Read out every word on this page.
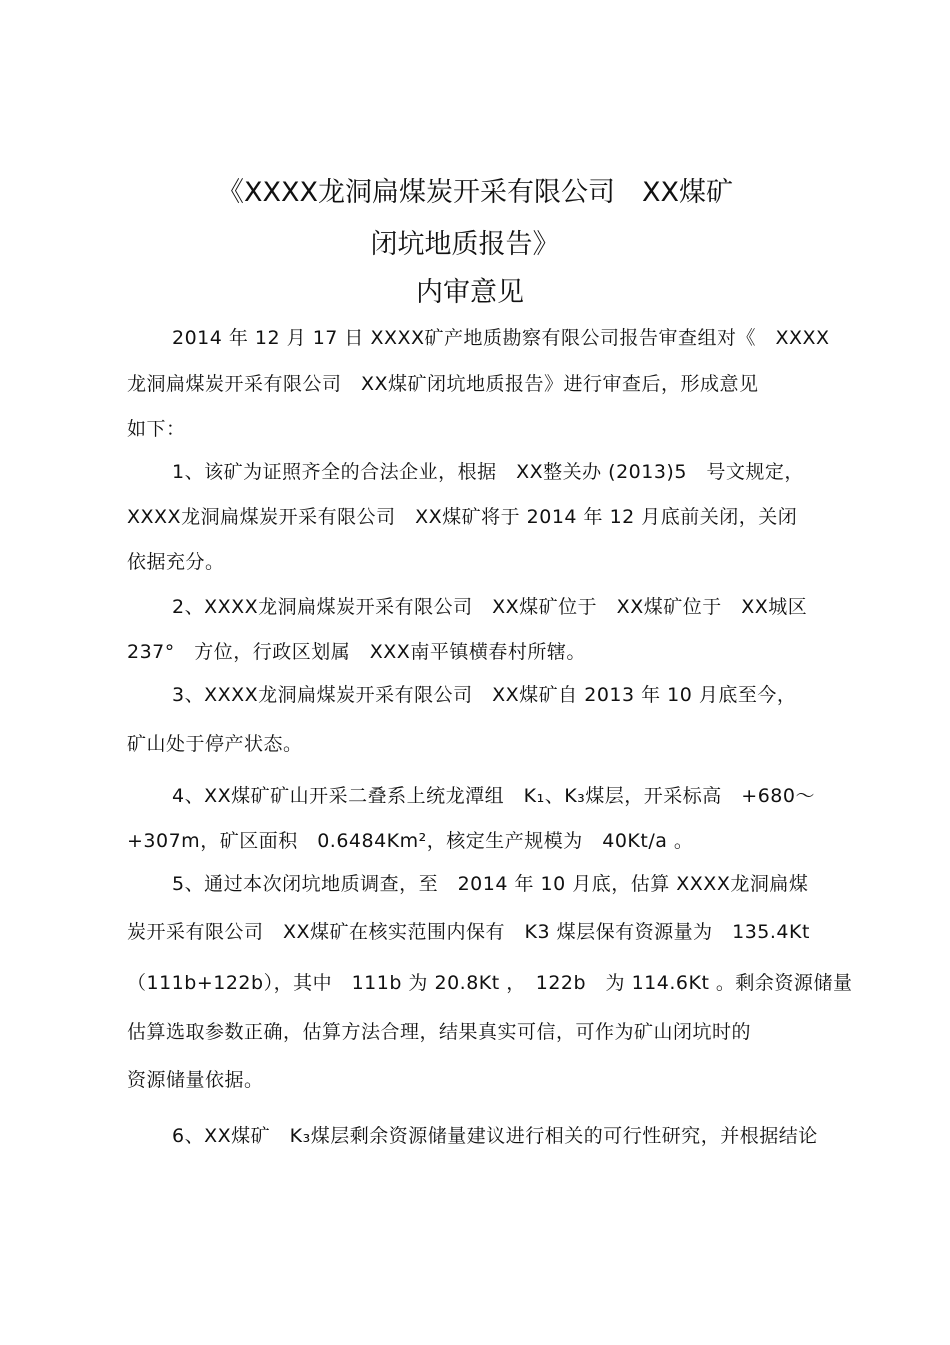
《XXXX龙洞扁煤炭开采有限公司　XX煤矿
闭坑地质报告》
内审意见
2014 年 12 月 17 日 XXXX矿产地质勘察有限公司报告审查组对《　XXXX
龙洞扁煤炭开采有限公司　XX煤矿闭坑地质报告》进行审查后，形成意见
如下：
1、该矿为证照齐全的合法企业，根据　XX整关办 (2013)5　号文规定，
XXXX龙洞扁煤炭开采有限公司　XX煤矿将于 2014 年 12 月底前关闭，关闭
依据充分。
2、XXXX龙洞扁煤炭开采有限公司　XX煤矿位于　XX煤矿位于　XX城区
237°　方位，行政区划属　XXX南平镇横春村所辖。
3、XXXX龙洞扁煤炭开采有限公司　XX煤矿自 2013 年 10 月底至今，
矿山处于停产状态。
4、XX煤矿矿山开采二叠系上统龙潭组　K₁、K₃煤层，开采标高　+680～
+307m，矿区面积　0.6484Km²，核定生产规模为　40Kt/a 。
5、通过本次闭坑地质调查，至　2014 年 10 月底，估算 XXXX龙洞扁煤
炭开采有限公司　XX煤矿在核实范围内保有　K3 煤层保有资源量为　135.4Kt
（111b+122b），其中　111b 为 20.8Kt ，　122b　为 114.6Kt 。剩余资源储量
估算选取参数正确，估算方法合理，结果真实可信，可作为矿山闭坑时的
资源储量依据。
6、XX煤矿　K₃煤层剩余资源储量建议进行相关的可行性研究，并根据结论
